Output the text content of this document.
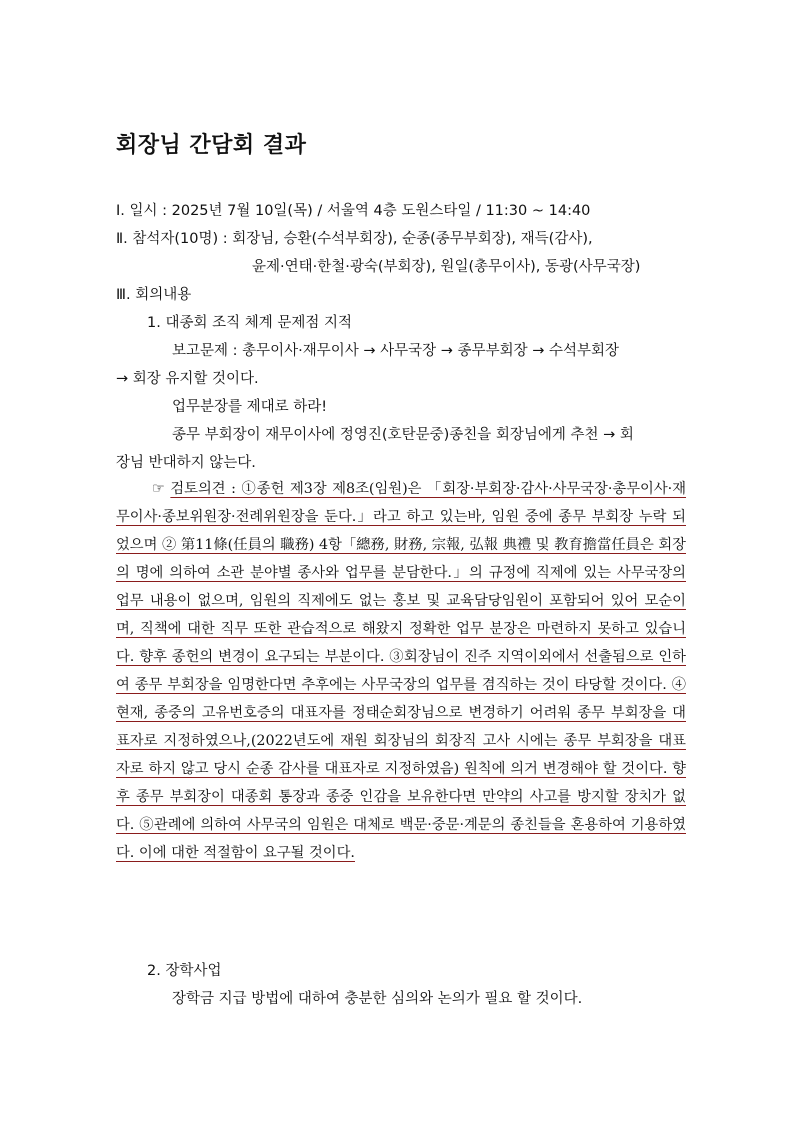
회장님 간담회 결과
Ⅰ. 일시 : 2025년 7월 10일(목) / 서울역 4층 도원스타일 / 11:30 ~ 14:40
Ⅱ. 참석자(10명) : 회장님, 승환(수석부회장), 순종(종무부회장), 재득(감사),
윤제·연태·한철·광숙(부회장), 원일(총무이사), 동광(사무국장)
Ⅲ. 회의내용
1. 대종회 조직 체계 문제점 지적
보고문제 : 총무이사·재무이사 → 사무국장 → 종무부회장 → 수석부회장
→ 회장 유지할 것이다.
업무분장를 제대로 하라!
종무 부회장이 재무이사에 정영진(호탄문중)종친을 회장님에게 추천 → 회
장님 반대하지 않는다.
☞ 검토의견 : ①종헌 제3장 제8조(임원)은 「회장·부회장·감사·사무국장·총무이사·재무이사·종보위원장·전례위원장을 둔다.」라고 하고 있는바, 임원 중에 종무 부회장 누락 되었으며 ② 第11條(任員의 職務) 4항「總務, 財務, 宗報, 弘報 典禮 및 教育擔當任員은 회장의 명에 의하여 소관 분야별 종사와 업무를 분담한다.」의 규정에 직제에 있는 사무국장의 업무 내용이 없으며, 임원의 직제에도 없는 홍보 및 교육담당임원이 포함되어 있어 모순이며, 직책에 대한 직무 또한 관습적으로 해왔지 정확한 업무 분장은 마련하지 못하고 있습니다. 향후 종헌의 변경이 요구되는 부분이다. ③회장님이 진주 지역이외에서 선출됨으로 인하여 종무 부회장을 임명한다면 추후에는 사무국장의 업무를 겸직하는 것이 타당할 것이다. ④현재, 종중의 고유번호증의 대표자를 정태순회장님으로 변경하기 어려워 종무 부회장을 대표자로 지정하였으나,(2022년도에 재원 회장님의 회장직 고사 시에는 종무 부회장을 대표자로 하지 않고 당시 순종 감사를 대표자로 지정하였음) 원칙에 의거 변경해야 할 것이다. 향후 종무 부회장이 대종회 통장과 종중 인감을 보유한다면 만약의 사고를 방지할 장치가 없다. ⑤관례에 의하여 사무국의 임원은 대체로 백문·중문·계문의 종친들을 혼용하여 기용하였다. 이에 대한 적절함이 요구될 것이다.
2. 장학사업
장학금 지급 방법에 대하여 충분한 심의와 논의가 필요 할 것이다.
